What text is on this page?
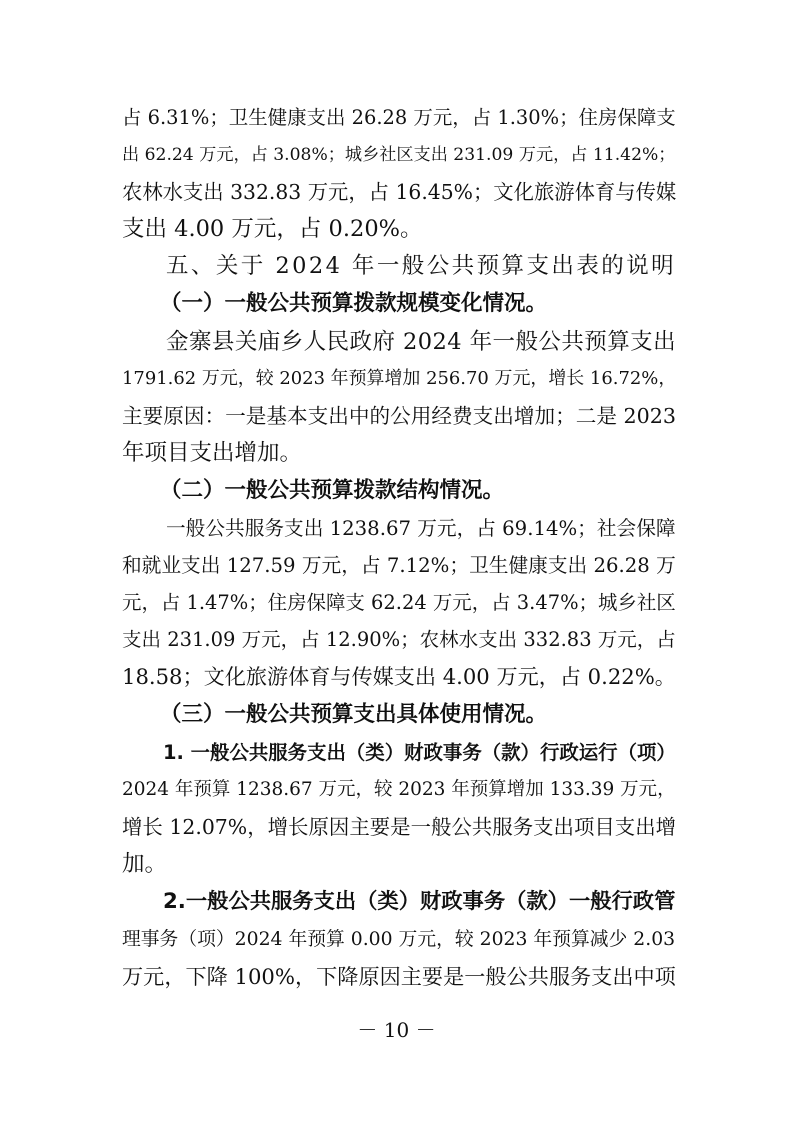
占 6.31%；卫生健康支出 26.28 万元，占 1.30%；住房保障支

出 62.24 万元，占 3.08%；城乡社区支出 231.09 万元，占 11.42%；

农林水支出 332.83 万元，占 16.45%；文化旅游体育与传媒

支出 4.00 万元，占 0.20%。

五、关于 2024 年一般公共预算支出表的说明

（一）一般公共预算拨款规模变化情况。

金寨县关庙乡人民政府 2024 年一般公共预算支出

1791.62 万元，较 2023 年预算增加 256.70 万元，增长 16.72%，

主要原因：一是基本支出中的公用经费支出增加；二是 2023

年项目支出增加。

（二）一般公共预算拨款结构情况。

一般公共服务支出 1238.67 万元，占 69.14%；社会保障

和就业支出 127.59 万元，占 7.12%；卫生健康支出 26.28 万

元，占 1.47%；住房保障支 62.24 万元，占 3.47%；城乡社区

支出 231.09 万元，占 12.90%；农林水支出 332.83 万元，占

18.58；文化旅游体育与传媒支出 4.00 万元，占 0.22%。

（三）一般公共预算支出具体使用情况。

1. 一般公共服务支出（类）财政事务（款）行政运行（项）

2024 年预算 1238.67 万元，较 2023 年预算增加 133.39 万元，

增长 12.07%，增长原因主要是一般公共服务支出项目支出增

加。

2.一般公共服务支出（类）财政事务（款）一般行政管

理事务（项）2024 年预算 0.00 万元，较 2023 年预算减少 2.03

万元，下降 100%，下降原因主要是一般公共服务支出中项

－ 10 －
